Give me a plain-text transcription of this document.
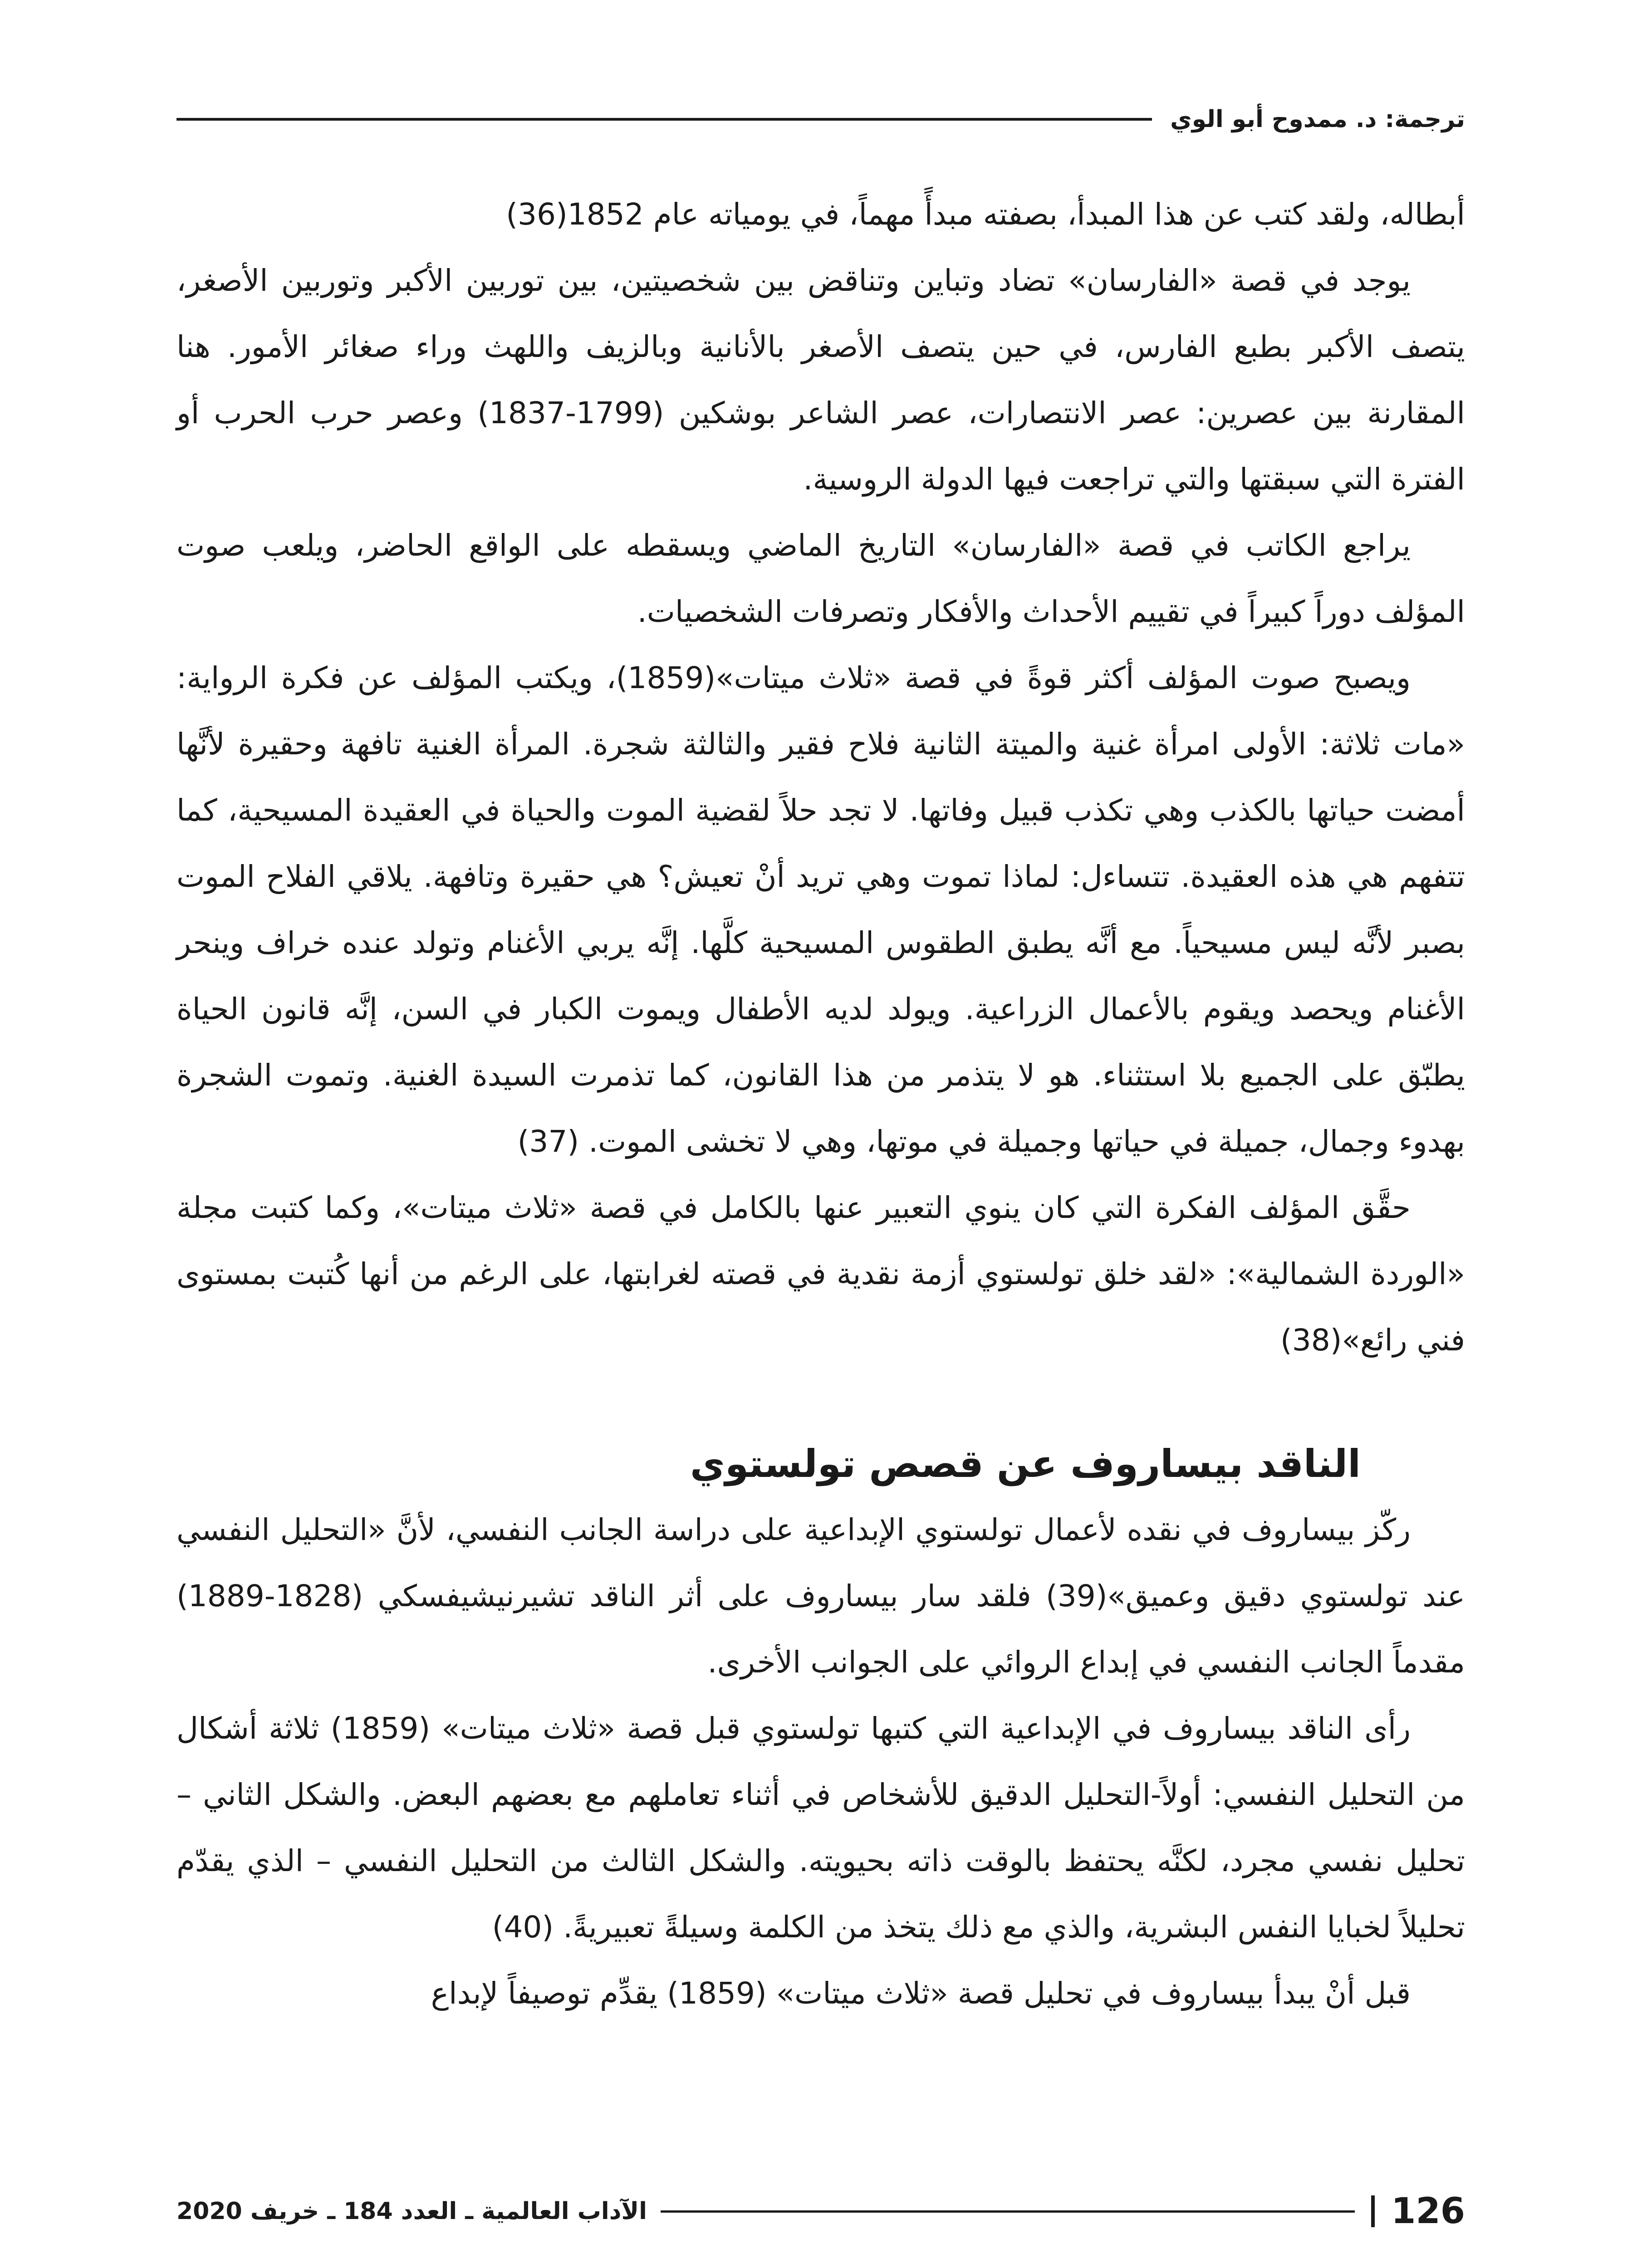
ترجمة: د. ممدوح أبو الوي

أبطاله، ولقد كتب عن هذا المبدأ، بصفته مبدأً مهماً، في يومياته عام 1852(36)

يوجد في قصة «الفارسان» تضاد وتباين وتناقض بين شخصيتين، بين توربين الأكبر وتوربين الأصغر، يتصف الأكبر بطبع الفارس، في حين يتصف الأصغر بالأنانية وبالزيف واللهث وراء صغائر الأمور. هنا المقارنة بين عصرين: عصر الانتصارات، عصر الشاعر بوشكين (1799-1837) وعصر حرب الحرب أو الفترة التي سبقتها والتي تراجعت فيها الدولة الروسية.

يراجع الكاتب في قصة «الفارسان» التاريخ الماضي ويسقطه على الواقع الحاضر، ويلعب صوت المؤلف دوراً كبيراً في تقييم الأحداث والأفكار وتصرفات الشخصيات.

ويصبح صوت المؤلف أكثر قوةً في قصة «ثلاث ميتات»(1859)، ويكتب المؤلف عن فكرة الرواية: «مات ثلاثة: الأولى امرأة غنية والميتة الثانية فلاح فقير والثالثة شجرة. المرأة الغنية تافهة وحقيرة لأنَّها أمضت حياتها بالكذب وهي تكذب قبيل وفاتها. لا تجد حلاً لقضية الموت والحياة في العقيدة المسيحية، كما تتفهم هي هذه العقيدة. تتساءل: لماذا تموت وهي تريد أنْ تعيش؟ هي حقيرة وتافهة. يلاقي الفلاح الموت بصبر لأنَّه ليس مسيحياً. مع أنَّه يطبق الطقوس المسيحية كلَّها. إنَّه يربي الأغنام وتولد عنده خراف وينحر الأغنام ويحصد ويقوم بالأعمال الزراعية. ويولد لديه الأطفال ويموت الكبار في السن، إنَّه قانون الحياة يطبّق على الجميع بلا استثناء. هو لا يتذمر من هذا القانون، كما تذمرت السيدة الغنية. وتموت الشجرة بهدوء وجمال، جميلة في حياتها وجميلة في موتها، وهي لا تخشى الموت. (37)

حقَّق المؤلف الفكرة التي كان ينوي التعبير عنها بالكامل في قصة «ثلاث ميتات»، وكما كتبت مجلة «الوردة الشمالية»: «لقد خلق تولستوي أزمة نقدية في قصته لغرابتها، على الرغم من أنها كُتبت بمستوى فني رائع»(38)

الناقد بيساروف عن قصص تولستوي

ركّز بيساروف في نقده لأعمال تولستوي الإبداعية على دراسة الجانب النفسي، لأنَّ «التحليل النفسي عند تولستوي دقيق وعميق»(39) فلقد سار بيساروف على أثر الناقد تشيرنيشيفسكي (1828-1889) مقدماً الجانب النفسي في إبداع الروائي على الجوانب الأخرى.

رأى الناقد بيساروف في الإبداعية التي كتبها تولستوي قبل قصة «ثلاث ميتات» (1859) ثلاثة أشكال من التحليل النفسي: أولاً-التحليل الدقيق للأشخاص في أثناء تعاملهم مع بعضهم البعض. والشكل الثاني – تحليل نفسي مجرد، لكنَّه يحتفظ بالوقت ذاته بحيويته. والشكل الثالث من التحليل النفسي – الذي يقدّم تحليلاً لخبايا النفس البشرية، والذي مع ذلك يتخذ من الكلمة وسيلةً تعبيريةً. (40)

قبل أنْ يبدأ بيساروف في تحليل قصة «ثلاث ميتات» (1859) يقدِّم توصيفاً لإبداع

126
الآداب العالمية ـ العدد 184 ـ خريف 2020
